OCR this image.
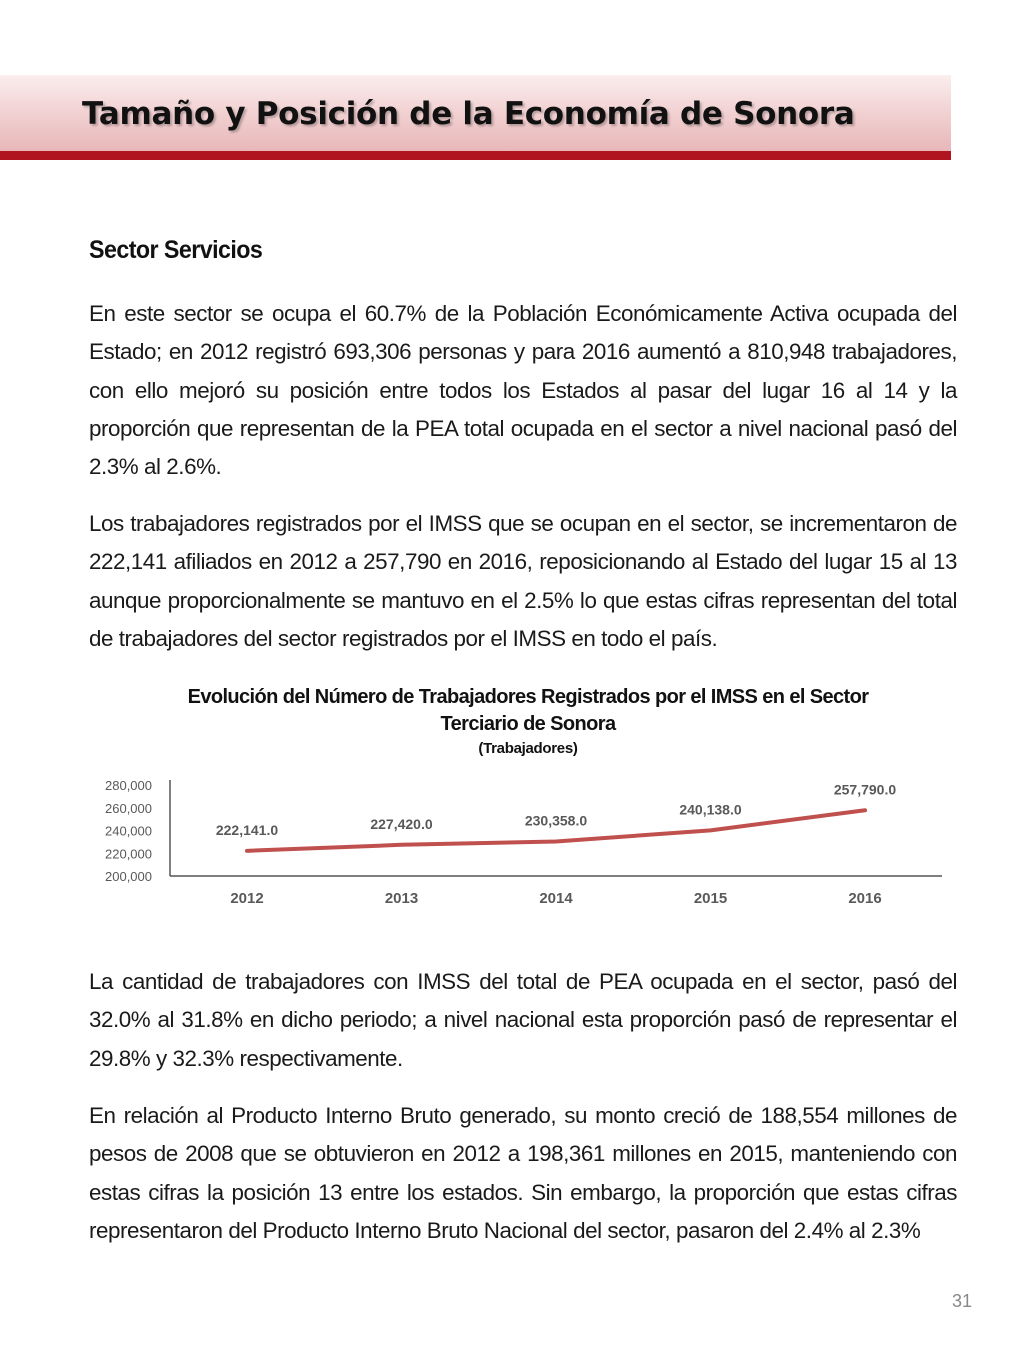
Tamaño y Posición de la Economía de Sonora
Sector Servicios

En este sector se ocupa el 60.7% de la Población Económicamente Activa ocupada del Estado; en 2012 registró 693,306 personas y para 2016 aumentó a 810,948 trabajadores, con ello mejoró su posición entre todos los Estados al pasar del lugar 16 al 14 y la proporción que representan de la PEA total ocupada en el sector a nivel nacional pasó del 2.3% al 2.6%.

Los trabajadores registrados por el IMSS que se ocupan en el sector, se incrementaron de 222,141 afiliados en 2012 a 257,790 en 2016, reposicionando al Estado del lugar 15 al 13 aunque proporcionalmente se mantuvo en el 2.5% lo que estas cifras representan del total de trabajadores del sector registrados por el IMSS en todo el país.

Evolución del Número de Trabajadores Registrados por el IMSS en el Sector Terciario de Sonora
(Trabajadores)
280,000
260,000
240,000
220,000
200,000
2012	2013	2014	2015	2016
222,141.0	227,420.0	230,358.0
240,138.0
257,790.0

La cantidad de trabajadores con IMSS del total de PEA ocupada en el sector, pasó del 32.0% al 31.8% en dicho periodo; a nivel nacional esta proporción pasó de representar el 29.8% y 32.3% respectivamente.

En relación al Producto Interno Bruto generado, su monto creció de 188,554 millones de pesos de 2008 que se obtuvieron en 2012 a 198,361 millones en 2015, manteniendo con estas cifras la posición 13 entre los estados. Sin embargo, la proporción que estas cifras representaron del Producto Interno Bruto Nacional del sector, pasaron del 2.4% al 2.3%

31
